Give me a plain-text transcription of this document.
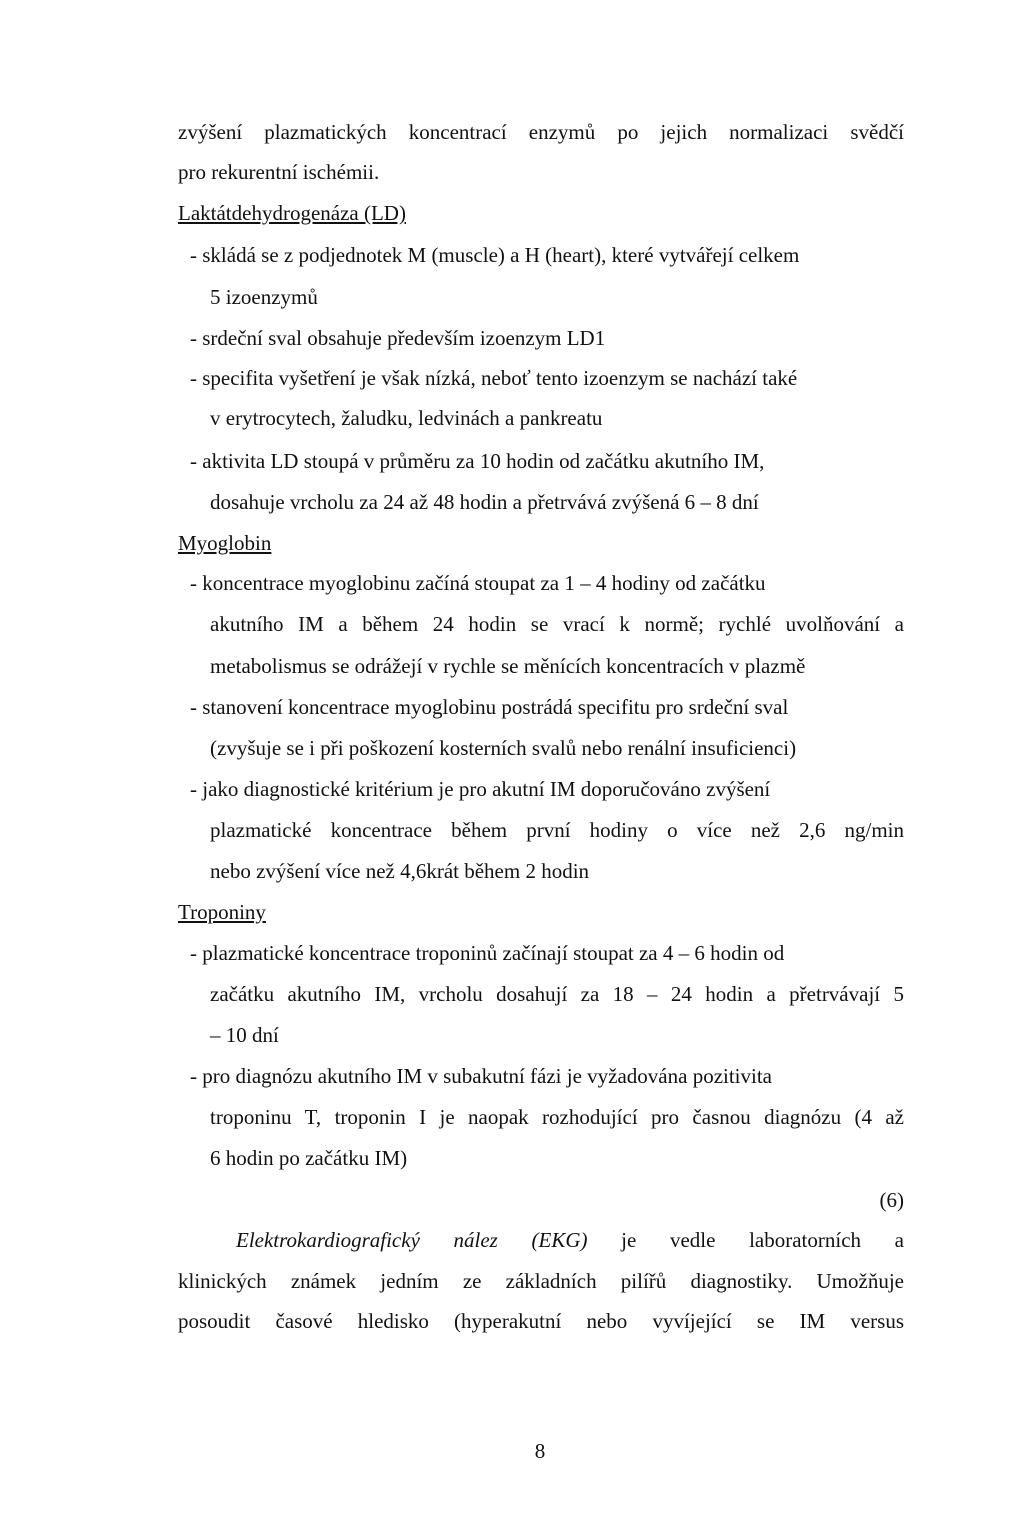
zvýšení plazmatických koncentrací enzymů po jejich normalizaci svědčí
pro rekurentní ischémii.
Laktátdehydrogenáza (LD)
- skládá se z podjednotek M (muscle) a H (heart), které vytvářejí celkem
5 izoenzymů
- srdeční sval obsahuje především izoenzym LD1
- specifita vyšetření je však nízká, neboť tento izoenzym se nachází také
v erytrocytech, žaludku, ledvinách a pankreatu
- aktivita LD stoupá v průměru za 10 hodin od začátku akutního IM,
dosahuje vrcholu za 24 až 48 hodin a přetrvává zvýšená 6 – 8 dní
Myoglobin
- koncentrace myoglobinu začíná stoupat za 1 – 4 hodiny od začátku
akutního IM a během 24 hodin se vrací k normě; rychlé uvolňování a
metabolismus se odrážejí v rychle se měnících koncentracích v plazmě
- stanovení koncentrace myoglobinu postrádá specifitu pro srdeční sval
(zvyšuje se i při poškození kosterních svalů nebo renální insuficienci)
- jako diagnostické kritérium je pro akutní IM doporučováno zvýšení
plazmatické koncentrace během první hodiny o více než 2,6 ng/min
nebo zvýšení více než 4,6krát během 2 hodin
Troponiny
- plazmatické koncentrace troponinů začínají stoupat za 4 – 6 hodin od
začátku akutního IM, vrcholu dosahují za 18 – 24 hodin a přetrvávají 5
– 10 dní
- pro diagnózu akutního IM v subakutní fázi je vyžadována pozitivita
troponinu T, troponin I je naopak rozhodující pro časnou diagnózu (4 až
6 hodin po začátku IM)
(6)
Elektrokardiografický nález (EKG) je vedle laboratorních a
klinických známek jedním ze základních pilířů diagnostiky. Umožňuje
posoudit časové hledisko (hyperakutní nebo vyvíjející se IM versus
8
